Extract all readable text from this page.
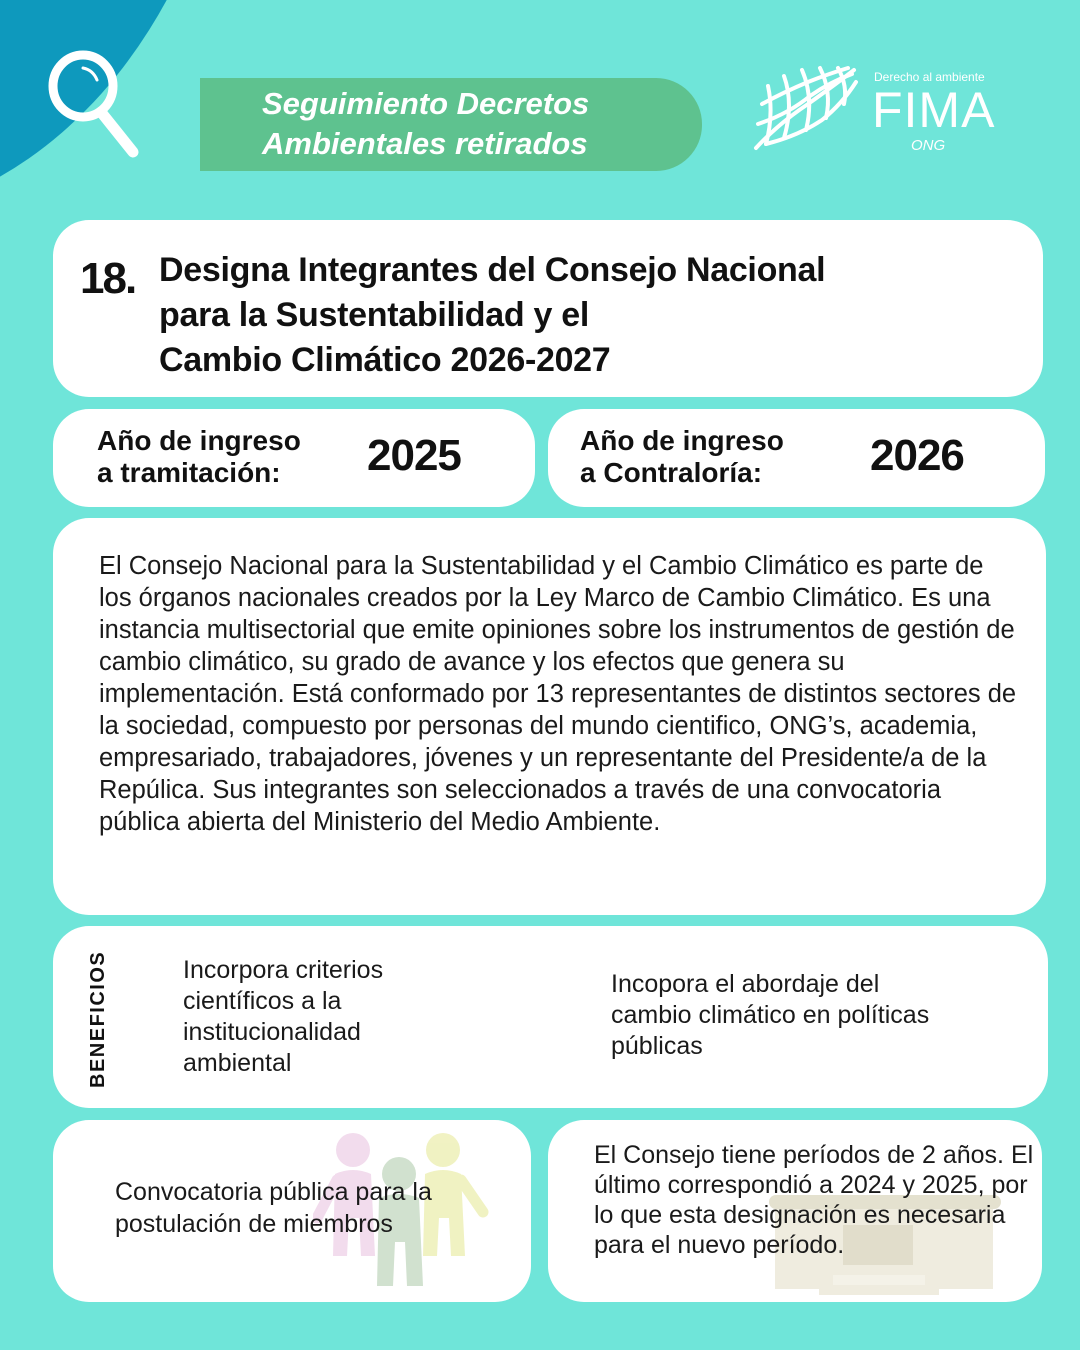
Seguimiento Decretos
Ambientales retirados
Derecho al ambiente
FIMA
ONG
18. Designa Integrantes del Consejo Nacional
para la Sustentabilidad y el
Cambio Climático 2026-2027
Año de ingreso
a tramitación:	2025	Año de ingreso
a Contraloría:	2026

El Consejo Nacional para la Sustentabilidad y el Cambio Climático es parte de los órganos nacionales creados por la Ley Marco de Cambio Climático. Es una instancia multisectorial que emite opiniones sobre los instrumentos de gestión de cambio climático, su grado de avance y los efectos que genera su implementación. Está conformado por 13 representantes de distintos sectores de la sociedad, compuesto por personas del mundo cientifico, ONG’s, academia, empresariado, trabajadores, jóvenes y un representante del Presidente/a de la Repúlica. Sus integrantes son seleccionados a través de una convocatoria pública abierta del Ministerio del Medio Ambiente.

BENEFICIOS	Incorpora criterios científicos a la institucionalidad ambiental

Incopora el abordaje del cambio climático en políticas públicas

Convocatoria pública para la postulación de miembros

El Consejo tiene períodos de 2 años. El último correspondió a 2024 y 2025, por lo que esta designación es necesaria para el nuevo período.
